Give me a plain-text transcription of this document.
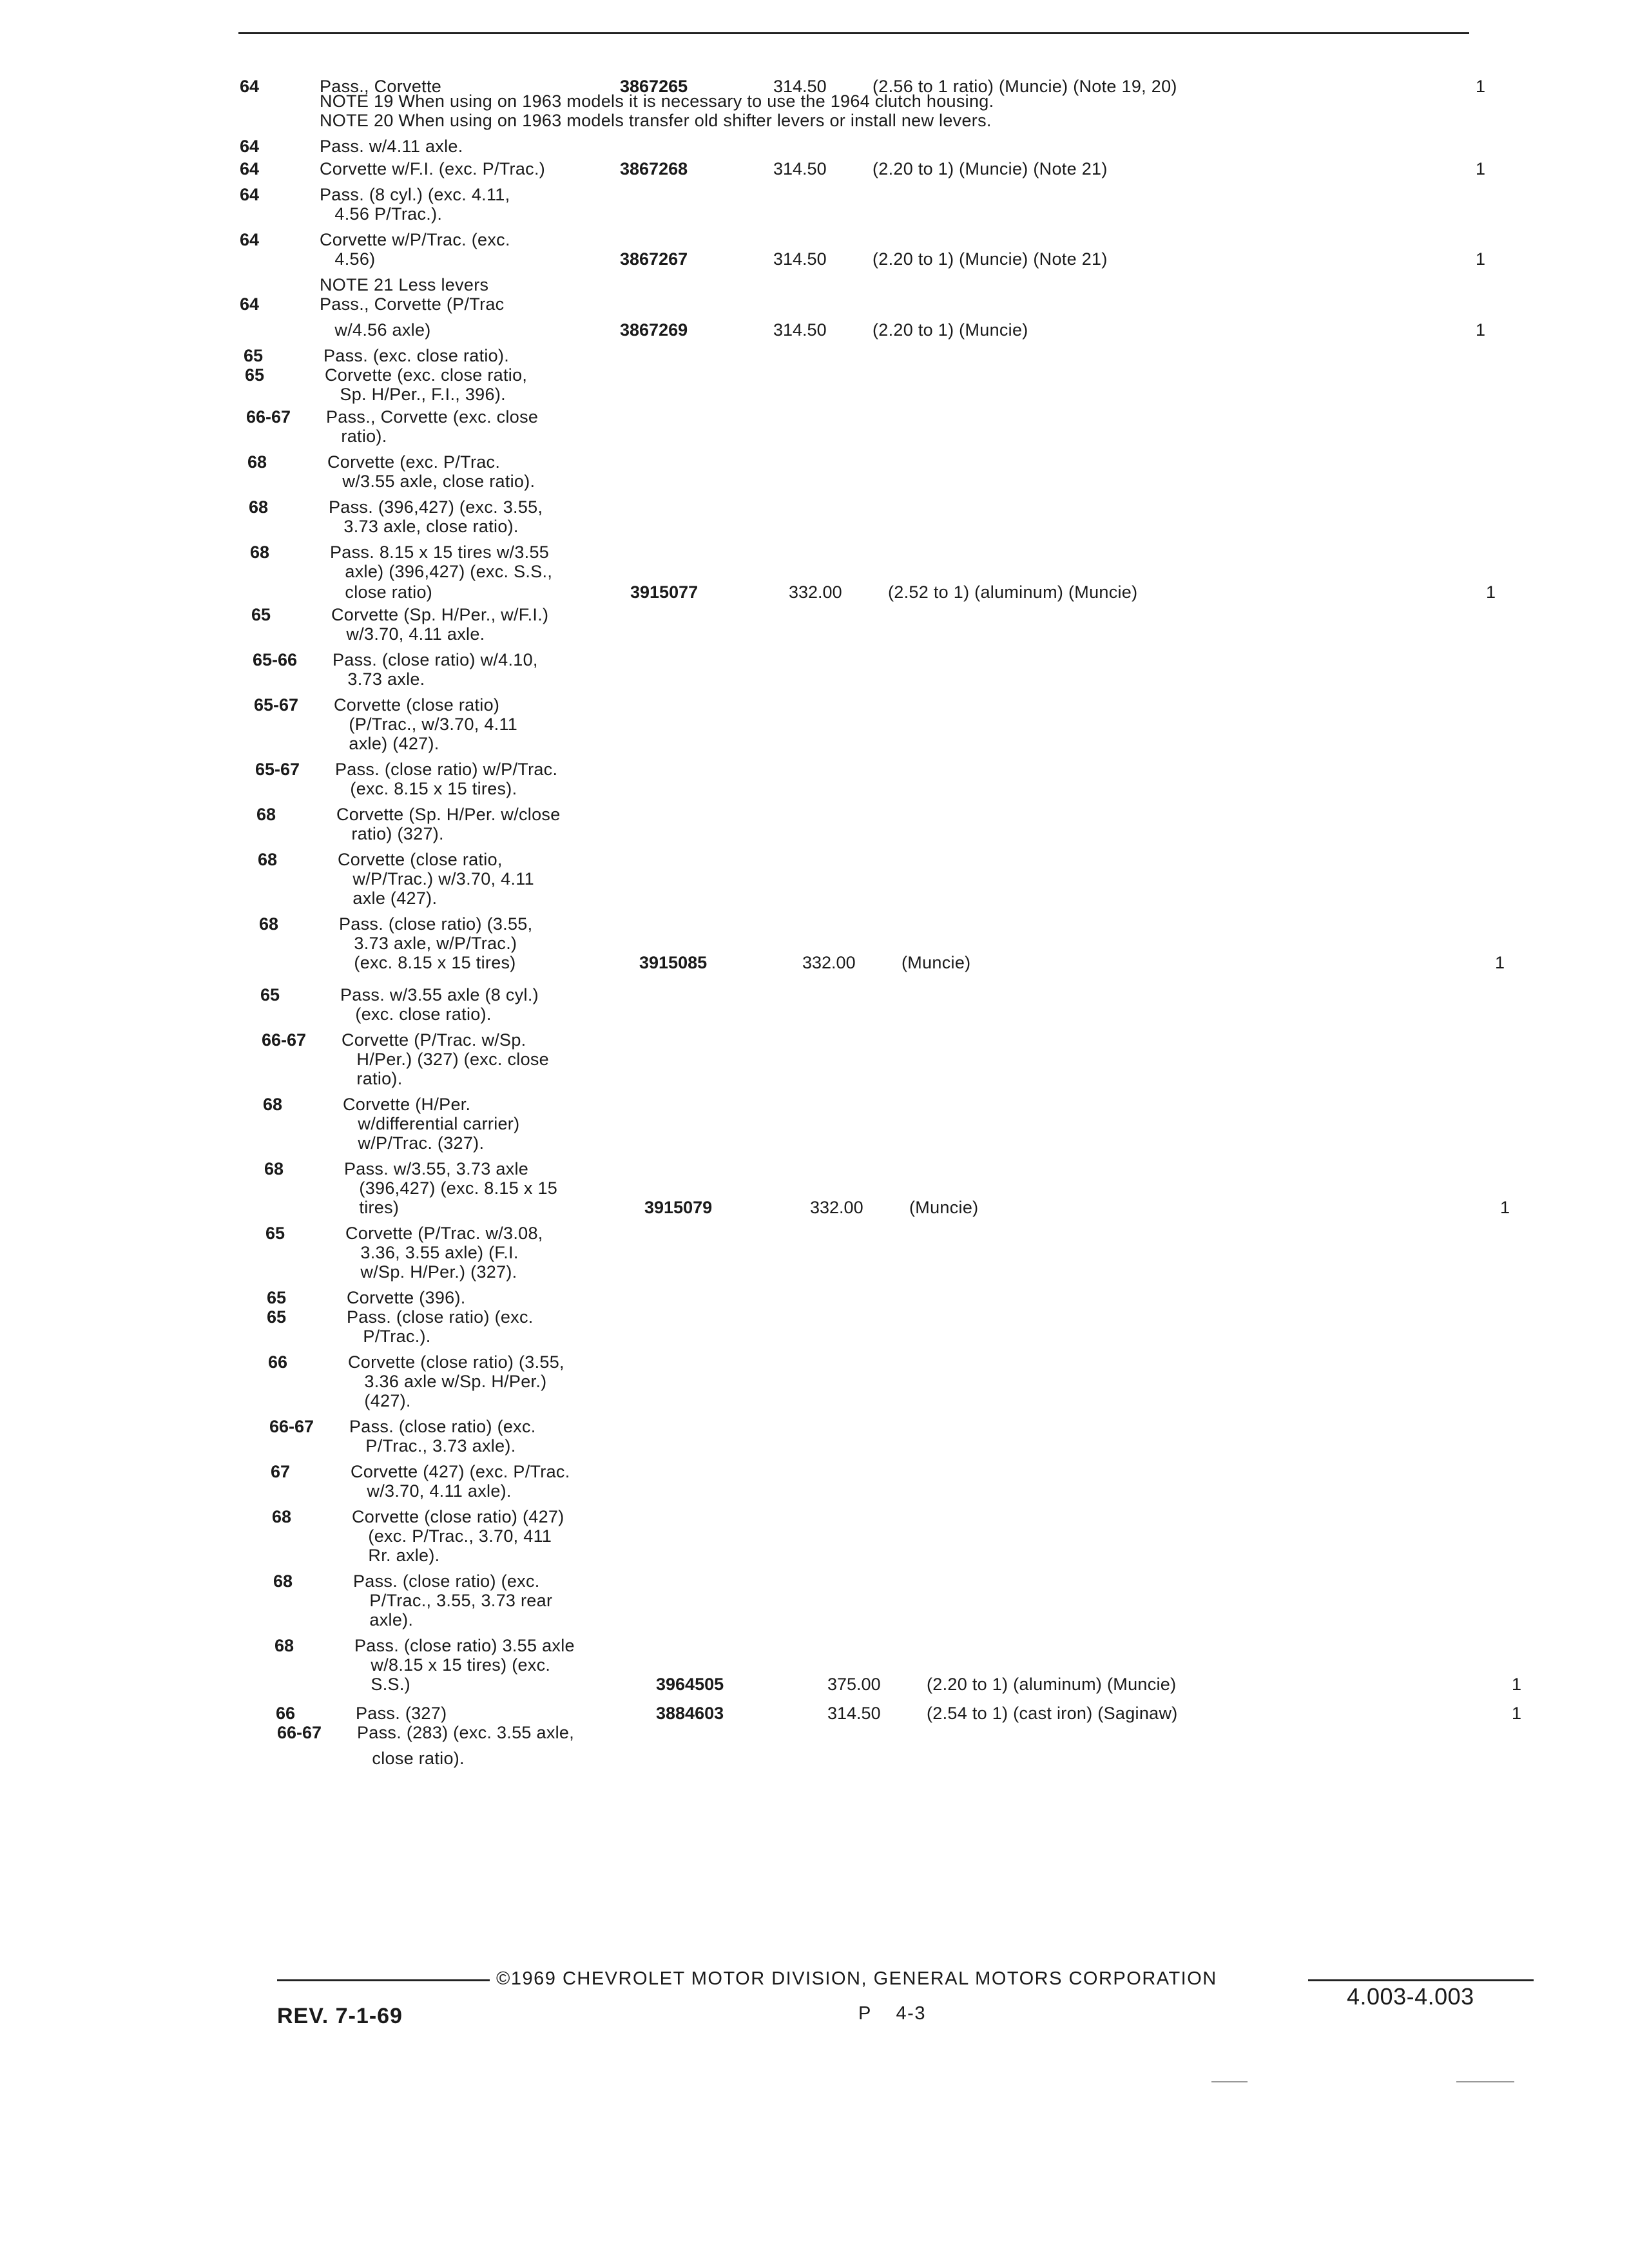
64	Pass., Corvette	3867265	314.50	(2.56 to 1 ratio) (Muncie) (Note 19, 20)	1
NOTE 19 When using on 1963 models it is necessary to use the 1964 clutch housing.
NOTE 20 When using on 1963 models transfer old shifter levers or install new levers.
64	Pass. w/4.11 axle.
64	Corvette w/F.I. (exc. P/Trac.)	3867268	314.50	(2.20 to 1) (Muncie) (Note 21)	1
64	Pass. (8 cyl.) (exc. 4.11,
4.56 P/Trac.).
64	Corvette w/P/Trac. (exc.
4.56)	3867267	314.50	(2.20 to 1) (Muncie) (Note 21)	1
NOTE 21 Less levers
64	Pass., Corvette (P/Trac
w/4.56 axle)	3867269	314.50	(2.20 to 1) (Muncie)	1
65	Pass. (exc. close ratio).
65	Corvette (exc. close ratio,
Sp. H/Per., F.I., 396).
66-67 Pass., Corvette (exc. close
ratio).
68	Corvette (exc. P/Trac.
w/3.55 axle, close ratio).
68	Pass. (396,427) (exc. 3.55,
3.73 axle, close ratio).
68	Pass. 8.15 x 15 tires w/3.55
axle) (396,427) (exc. S.S.,
close ratio)	3915077	332.00	(2.52 to 1) (aluminum) (Muncie)	1
65	Corvette (Sp. H/Per., w/F.I.)
w/3.70, 4.11 axle.
65-66 Pass. (close ratio) w/4.10,
3.73 axle.
65-67 Corvette (close ratio)
(P/Trac., w/3.70, 4.11
axle) (427).
65-67 Pass. (close ratio) w/P/Trac.
(exc. 8.15 x 15 tires).
68	Corvette (Sp. H/Per. w/close
ratio) (327).
68	Corvette (close ratio,
w/P/Trac.) w/3.70, 4.11
axle (427).
68	Pass. (close ratio) (3.55,
3.73 axle, w/P/Trac.)
(exc. 8.15 x 15 tires)	3915085	332.00	(Muncie)	1
65	Pass. w/3.55 axle (8 cyl.)
(exc. close ratio).
66-67 Corvette (P/Trac. w/Sp.
H/Per.) (327) (exc. close
ratio).
68	Corvette (H/Per.
w/differential carrier)
w/P/Trac. (327).
68	Pass. w/3.55, 3.73 axle
(396,427) (exc. 8.15 x 15
tires)	3915079	332.00	(Muncie)	1
65	Corvette (P/Trac. w/3.08,
3.36, 3.55 axle) (F.I.
w/Sp. H/Per.) (327).
65	Corvette (396).
65	Pass. (close ratio) (exc.
P/Trac.).
66	Corvette (close ratio) (3.55,
3.36 axle w/Sp. H/Per.)
(427).
66-67 Pass. (close ratio) (exc.
P/Trac., 3.73 axle).
67	Corvette (427) (exc. P/Trac.
w/3.70, 4.11 axle).
68	Corvette (close ratio) (427)
(exc. P/Trac., 3.70, 411
Rr. axle).
68	Pass. (close ratio) (exc.
P/Trac., 3.55, 3.73 rear
axle).
68	Pass. (close ratio) 3.55 axle
w/8.15 x 15 tires) (exc.
S.S.)	3964505	375.00	(2.20 to 1) (aluminum) (Muncie)	1
66	Pass. (327)	3884603	314.50	(2.54 to 1) (cast iron) (Saginaw)	1
66-67 Pass. (283) (exc. 3.55 axle,
close ratio).
©1969 CHEVROLET MOTOR DIVISION, GENERAL MOTORS CORPORATION
REV. 7-1-69	P    4-3
4.003-4.003
